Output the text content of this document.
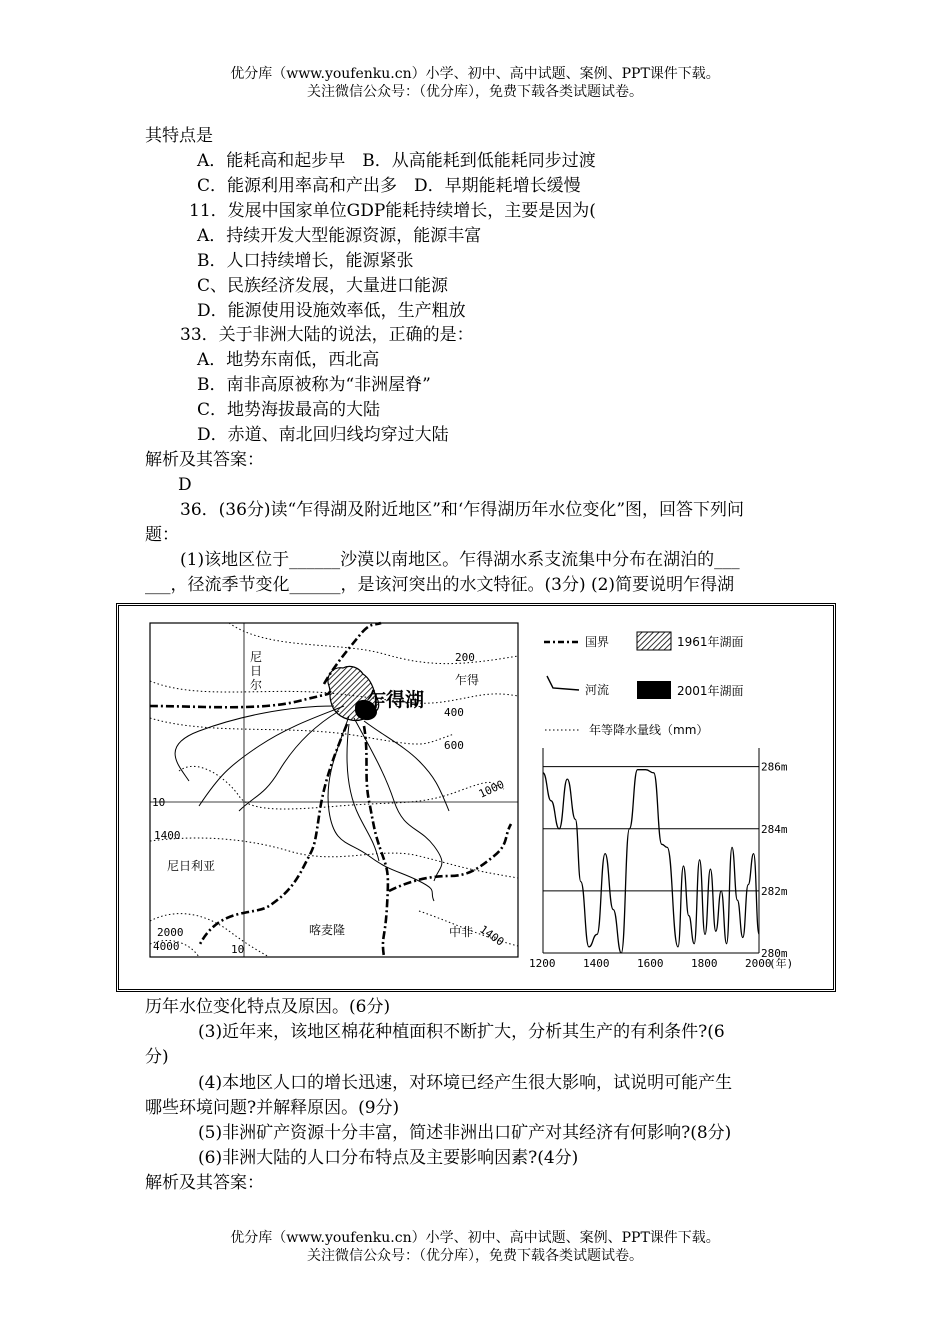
优分库（www.youfenku.cn）小学、初中、高中试题、案例、PPT课件下载。
关注微信公众号：（优分库），免费下载各类试题试卷。
其特点是
A．能耗高和起步早　B．从高能耗到低能耗同步过渡
C．能源利用率高和产出多　D．早期能耗增长缓慢
11．发展中国家单位GDP能耗持续增长，主要是因为(
A．持续开发大型能源资源，能源丰富
B．人口持续增长，能源紧张
C、民族经济发展，大量进口能源
D．能源使用设施效率低，生产粗放
33．关于非洲大陆的说法，正确的是：
A．地势东南低，西北高
B．南非高原被称为“非洲屋脊”
C．地势海拔最高的大陆
D．赤道、南北回归线均穿过大陆
解析及其答案：
D
36．(36分)读“乍得湖及附近地区”和‘乍得湖历年水位变化”图，回答下列问
题：
(1)该地区位于______沙漠以南地区。乍得湖水系支流集中分布在湖泊的___
___，径流季节变化______，是该河突出的水文特征。(3分) (2)简要说明乍得湖
乍得湖
尼
日
尔	乍得
尼日利亚
喀麦隆	中非
200
400
600
1000
1400
1400
2000
4000
10
10
国界	1961年湖面
河流	2001年湖面
年等降水量线（mm）
280m
282m
284m
286m
1200	1400	1600	1800	2000
(年)
历年水位变化特点及原因。(6分)
(3)近年来，该地区棉花种植面积不断扩大，分析其生产的有利条件?(6
分)
(4)本地区人口的增长迅速，对环境已经产生很大影响，试说明可能产生
哪些环境问题?并解释原因。(9分)
(5)非洲矿产资源十分丰富，简述非洲出口矿产对其经济有何影响?(8分)
(6)非洲大陆的人口分布特点及主要影响因素?(4分)
解析及其答案：
优分库（www.youfenku.cn）小学、初中、高中试题、案例、PPT课件下载。
关注微信公众号：（优分库），免费下载各类试题试卷。
